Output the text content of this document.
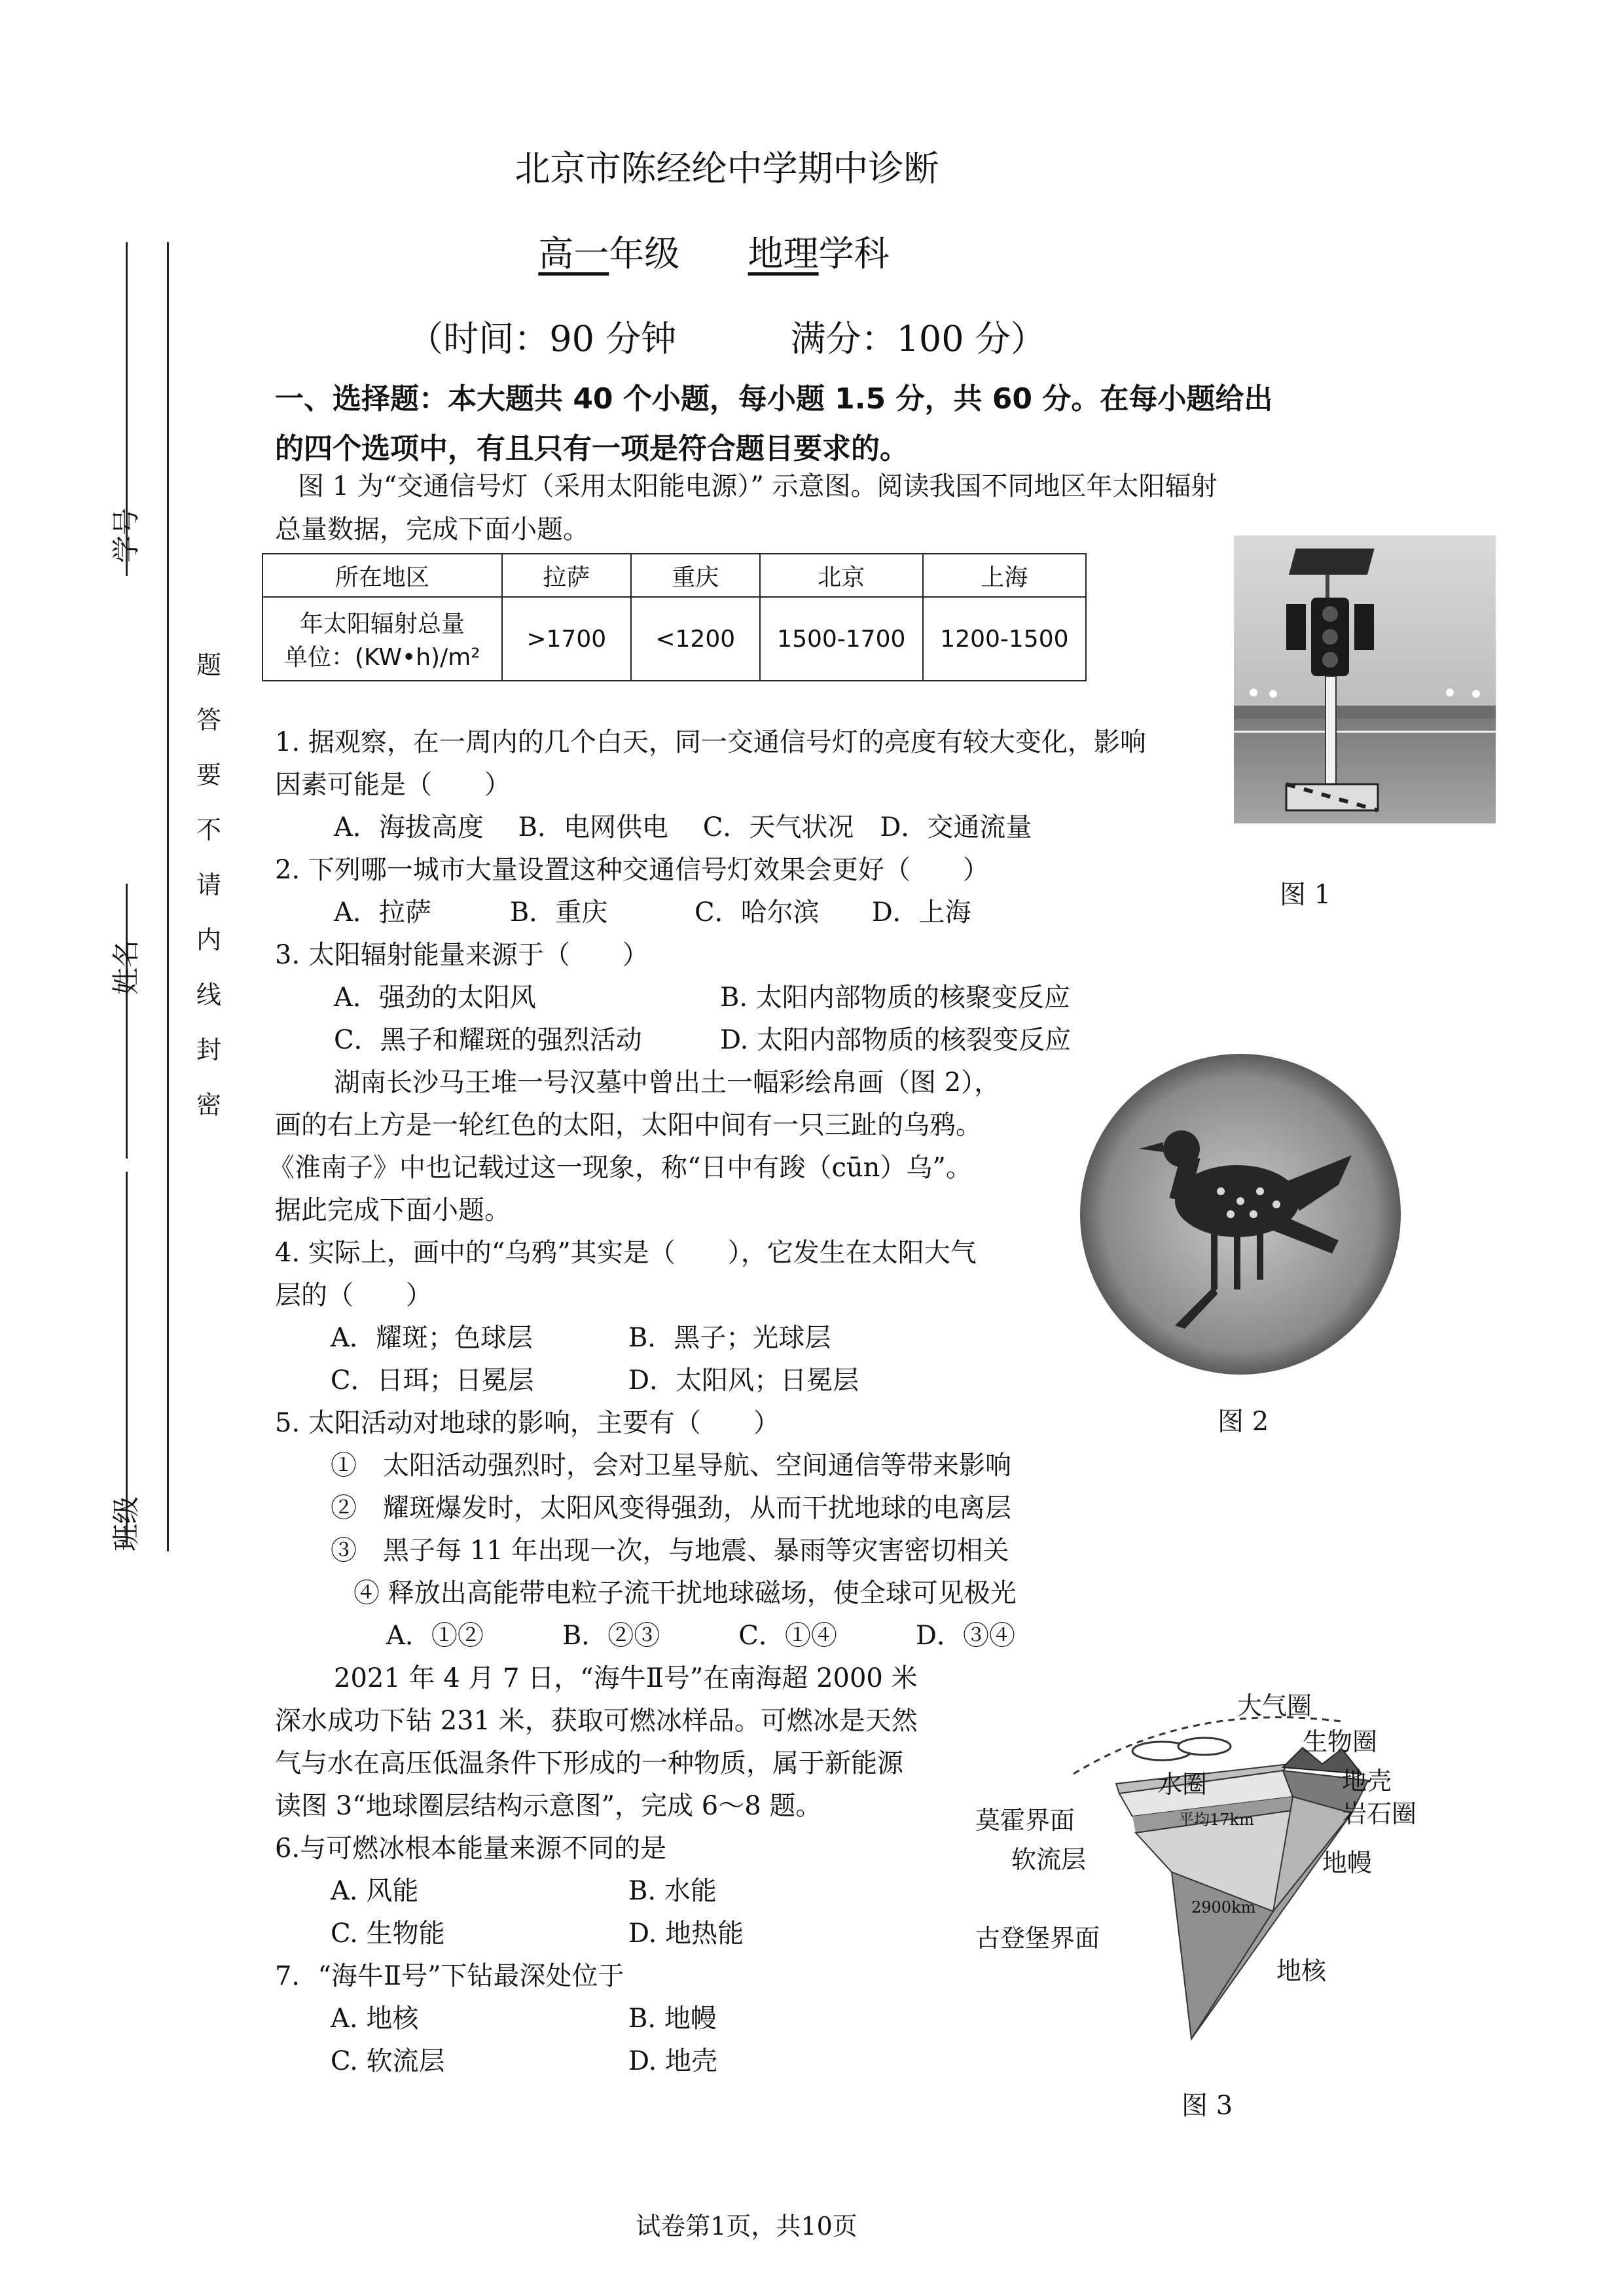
北京市陈经纶中学期中诊断
高一年级 地理学科
（时间：90 分钟	满分：100 分）
学号
姓名
班级
题
答
要
不
请
内
线
封
密
一、选择题：本大题共 40 个小题，每小题 1.5 分，共 60 分。在每小题给出
的四个选项中，有且只有一项是符合题目要求的。
图 1 为“交通信号灯（采用太阳能电源）” 示意图。阅读我国不同地区年太阳辐射
总量数据，完成下面小题。
所在地区	拉萨	重庆	北京	上海

年太阳辐射总量
单位：(KW•h)/m²	>1700	<1200	1500-1700	1200-1500
图 1
1. 据观察，在一周内的几个白天，同一交通信号灯的亮度有较大变化，影响
因素可能是（　　）
A．海拔高度　 B．电网供电　 C．天气状况　D．交通流量
2. 下列哪一城市大量设置这种交通信号灯效果会更好（　　）
A．拉萨　　　B．重庆　　　 C．哈尔滨　　D．上海
3. 太阳辐射能量来源于（　　）
A．强劲的太阳风	B. 太阳内部物质的核聚变反应
C．黑子和耀斑的强烈活动	D. 太阳内部物质的核裂变反应
湖南长沙马王堆一号汉墓中曾出土一幅彩绘帛画（图 2），
画的右上方是一轮红色的太阳，太阳中间有一只三趾的乌鸦。
《淮南子》中也记载过这一现象，称“日中有踆（cūn）乌”。
据此完成下面小题。
图 2
4. 实际上，画中的“乌鸦”其实是（　　），它发生在太阳大气
层的（　　）
A．耀斑；色球层	B．黑子；光球层
C．日珥；日冕层	D．太阳风；日冕层
5. 太阳活动对地球的影响，主要有（　　）
①　太阳活动强烈时，会对卫星导航、空间通信等带来影响
②　耀斑爆发时，太阳风变得强劲，从而干扰地球的电离层
③　黑子每 11 年出现一次，与地震、暴雨等灾害密切相关
④ 释放出高能带电粒子流干扰地球磁场，使全球可见极光
A．①②　　　B．②③　　　C．①④　　　D．③④
2021 年 4 月 7 日，“海牛Ⅱ号”在南海超 2000 米
深水成功下钻 231 米，获取可燃冰样品。可燃冰是天然
气与水在高压低温条件下形成的一种物质，属于新能源
读图 3“地球圈层结构示意图”，完成 6～8 题。
6.与可燃冰根本能量来源不同的是
A. 风能	B. 水能
C. 生物能	D. 地热能
7．“海牛Ⅱ号”下钻最深处位于
A. 地核	B. 地幔
C. 软流层	D. 地壳
大气圈
生物圈
水圈	地壳
岩石圈
莫霍界面	平均17km
软流层	地幔
2900km
古登堡界面
地核
图 3
试卷第1页，共10页
